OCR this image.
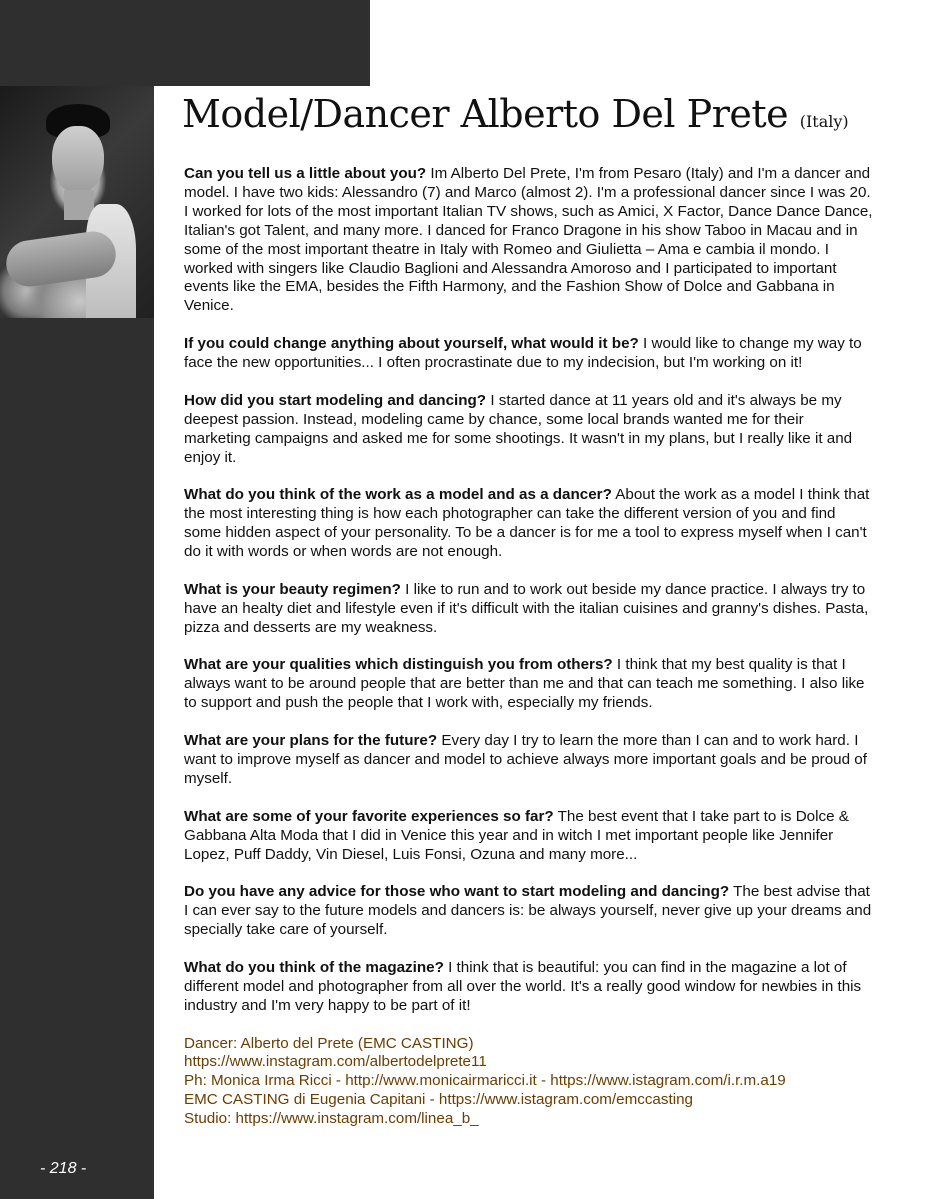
- 218 -
Model/Dancer Alberto Del Prete (Italy)

Can you tell us a little about you? Im Alberto Del Prete, I'm from Pesaro (Italy) and I'm a dancer and model. I have two kids: Alessandro (7) and Marco (almost 2). I'm a professional dancer since I was 20. I worked for lots of the most important Italian TV shows, such as Amici, X Factor, Dance Dance Dance, Italian's got Talent, and many more. I danced for Franco Dragone in his show Taboo in Macau and in some of the most important theatre in Italy with Romeo and Giulietta – Ama e cambia il mondo. I worked with singers like Claudio Baglioni and Alessandra Amoroso and I participated to important events like the EMA, besides the Fifth Harmony, and the Fashion Show of Dolce and Gabbana in Venice.

If you could change anything about yourself, what would it be? I would like to change my way to face the new opportunities... I often procrastinate due to my indecision, but I'm working on it!

How did you start modeling and dancing? I started dance at 11 years old and it's always be my deepest passion. Instead, modeling came by chance, some local brands wanted me for their marketing campaigns and asked me for some shootings. It wasn't in my plans, but I really like it and enjoy it.

What do you think of the work as a model and as a dancer? About the work as a model I think that the most interesting thing is how each photographer can take the different version of you and find some hidden aspect of your personality. To be a dancer is for me a tool to express myself when I can't do it with words or when words are not enough.

What is your beauty regimen? I like to run and to work out beside my dance practice. I always try to have an healty diet and lifestyle even if it's difficult with the italian cuisines and granny's dishes. Pasta, pizza and desserts are my weakness.

What are your qualities which distinguish you from others? I think that my best quality is that I always want to be around people that are better than me and that can teach me something. I also like to support and push the people that I work with, especially my friends.

What are your plans for the future? Every day I try to learn the more than I can and to work hard. I want to improve myself as dancer and model to achieve always more important goals and be proud of myself.

What are some of your favorite experiences so far? The best event that I take part to is Dolce & Gabbana Alta Moda that I did in Venice this year and in witch I met important people like Jennifer Lopez, Puff Daddy, Vin Diesel, Luis Fonsi, Ozuna and many more...

Do you have any advice for those who want to start modeling and dancing? The best advise that I can ever say to the future models and dancers is: be always yourself, never give up your dreams and specially take care of yourself.

What do you think of the magazine? I think that is beautiful: you can find in the magazine a lot of different model and photographer from all over the world. It's a really good window for newbies in this industry and I'm very happy to be part of it!

Dancer: Alberto del Prete (EMC CASTING)
https://www.instagram.com/albertodelprete11
Ph: Monica Irma Ricci - http://www.monicairmaricci.it - https://www.istagram.com/i.r.m.a19
EMC CASTING di Eugenia Capitani - https://www.istagram.com/emccasting
Studio: https://www.instagram.com/linea_b_
